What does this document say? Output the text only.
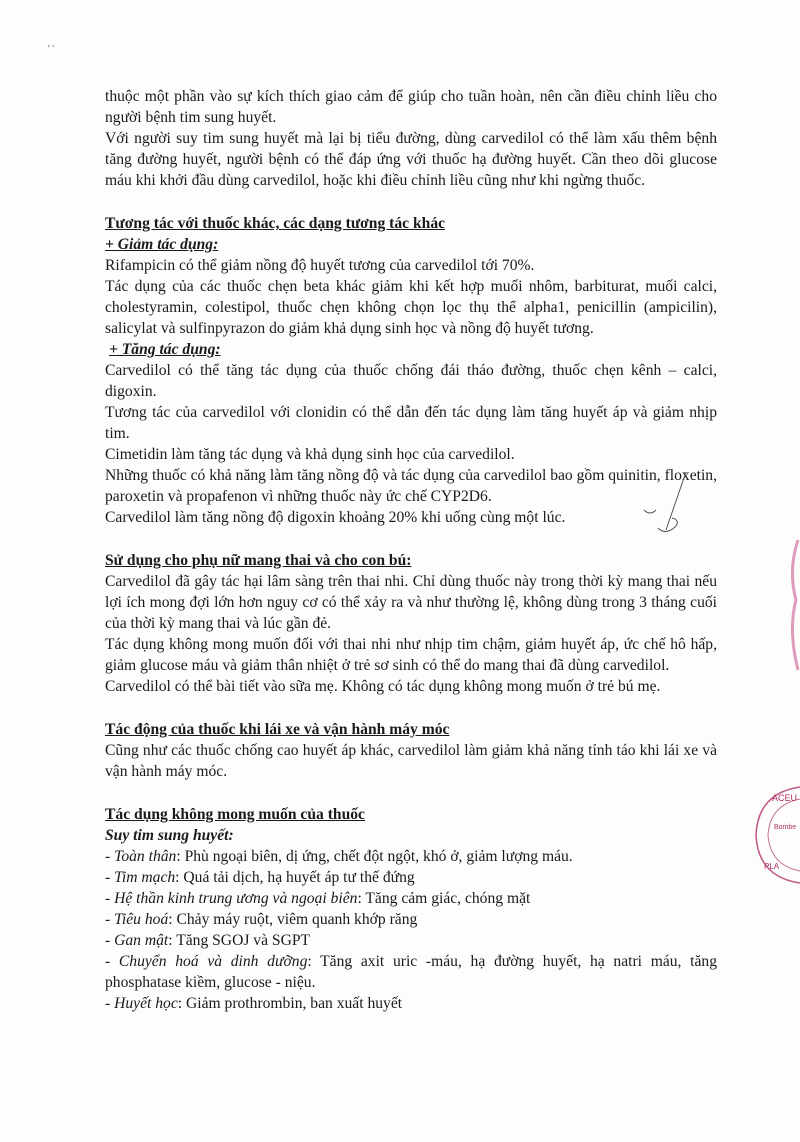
' '

thuộc một phần vào sự kích thích giao cảm để giúp cho tuần hoàn, nên cần điều chỉnh liều cho người bệnh tim sung huyết.

Với người suy tim sung huyết mà lại bị tiểu đường, dùng carvedilol có thể làm xấu thêm bệnh tăng đường huyết, người bệnh có thể đáp ứng với thuốc hạ đường huyết. Cần theo dõi glucose máu khi khởi đầu dùng carvedilol, hoặc khi điều chỉnh liều cũng như khi ngừng thuốc.

Tương tác với thuốc khác, các dạng tương tác khác
+ Giảm tác dụng:

Rifampicin có thể giảm nồng độ huyết tương của carvedilol tới 70%.

Tác dụng của các thuốc chẹn beta khác giảm khi kết hợp muối nhôm, barbiturat, muối calci, cholestyramin, colestipol, thuốc chẹn không chọn lọc thụ thể alpha1, penicillin (ampicilin), salicylat và sulfinpyrazon do giảm khả dụng sinh học và nồng độ huyết tương.

+ Tăng tác dụng:

Carvedilol có thể tăng tác dụng của thuốc chống đái tháo đường, thuốc chẹn kênh – calci, digoxin.

Tương tác của carvedilol với clonidin có thể dẫn đến tác dụng làm tăng huyết áp và giảm nhịp tim.

Cimetidin làm tăng tác dụng và khả dụng sinh học của carvedilol.

Những thuốc có khả năng làm tăng nồng độ và tác dụng của carvedilol bao gồm quinitin, floxetin, paroxetin và propafenon vì những thuốc này ức chế CYP2D6.

Carvedilol làm tăng nồng độ digoxin khoảng 20% khi uống cùng một lúc.

Sử dụng cho phụ nữ mang thai và cho con bú:

Carvedilol đã gây tác hại lâm sàng trên thai nhi. Chỉ dùng thuốc này trong thời kỳ mang thai nếu lợi ích mong đợi lớn hơn nguy cơ có thể xảy ra và như thường lệ, không dùng trong 3 tháng cuối của thời kỳ mang thai và lúc gần đẻ.

Tác dụng không mong muốn đối với thai nhi như nhịp tim chậm, giảm huyết áp, ức chế hô hấp, giảm glucose máu và giảm thân nhiệt ở trẻ sơ sinh có thể do mang thai đã dùng carvedilol.

Carvedilol có thể bài tiết vào sữa mẹ. Không có tác dụng không mong muốn ở trẻ bú mẹ.

Tác động của thuốc khi lái xe và vận hành máy móc

Cũng như các thuốc chống cao huyết áp khác, carvedilol làm giảm khả năng tỉnh táo khi lái xe và vận hành máy móc.

Tác dụng không mong muốn của thuốc
Suy tim sung huyết:

- Toàn thân: Phù ngoại biên, dị ứng, chết đột ngột, khó ở, giảm lượng máu.

- Tim mạch: Quá tải dịch, hạ huyết áp tư thế đứng

- Hệ thần kinh trung ương và ngoại biên: Tăng cảm giác, chóng mặt

- Tiêu hoá: Chảy máy ruột, viêm quanh khớp răng

- Gan mật: Tăng SGOJ và SGPT

- Chuyển hoá và dinh dưỡng: Tăng axit uric -máu, hạ đường huyết, hạ natri máu, tăng phosphatase kiềm, glucose - niệu.

- Huyết học: Giảm prothrombin, ban xuất huyết

ACEU
Bombe
PLA
